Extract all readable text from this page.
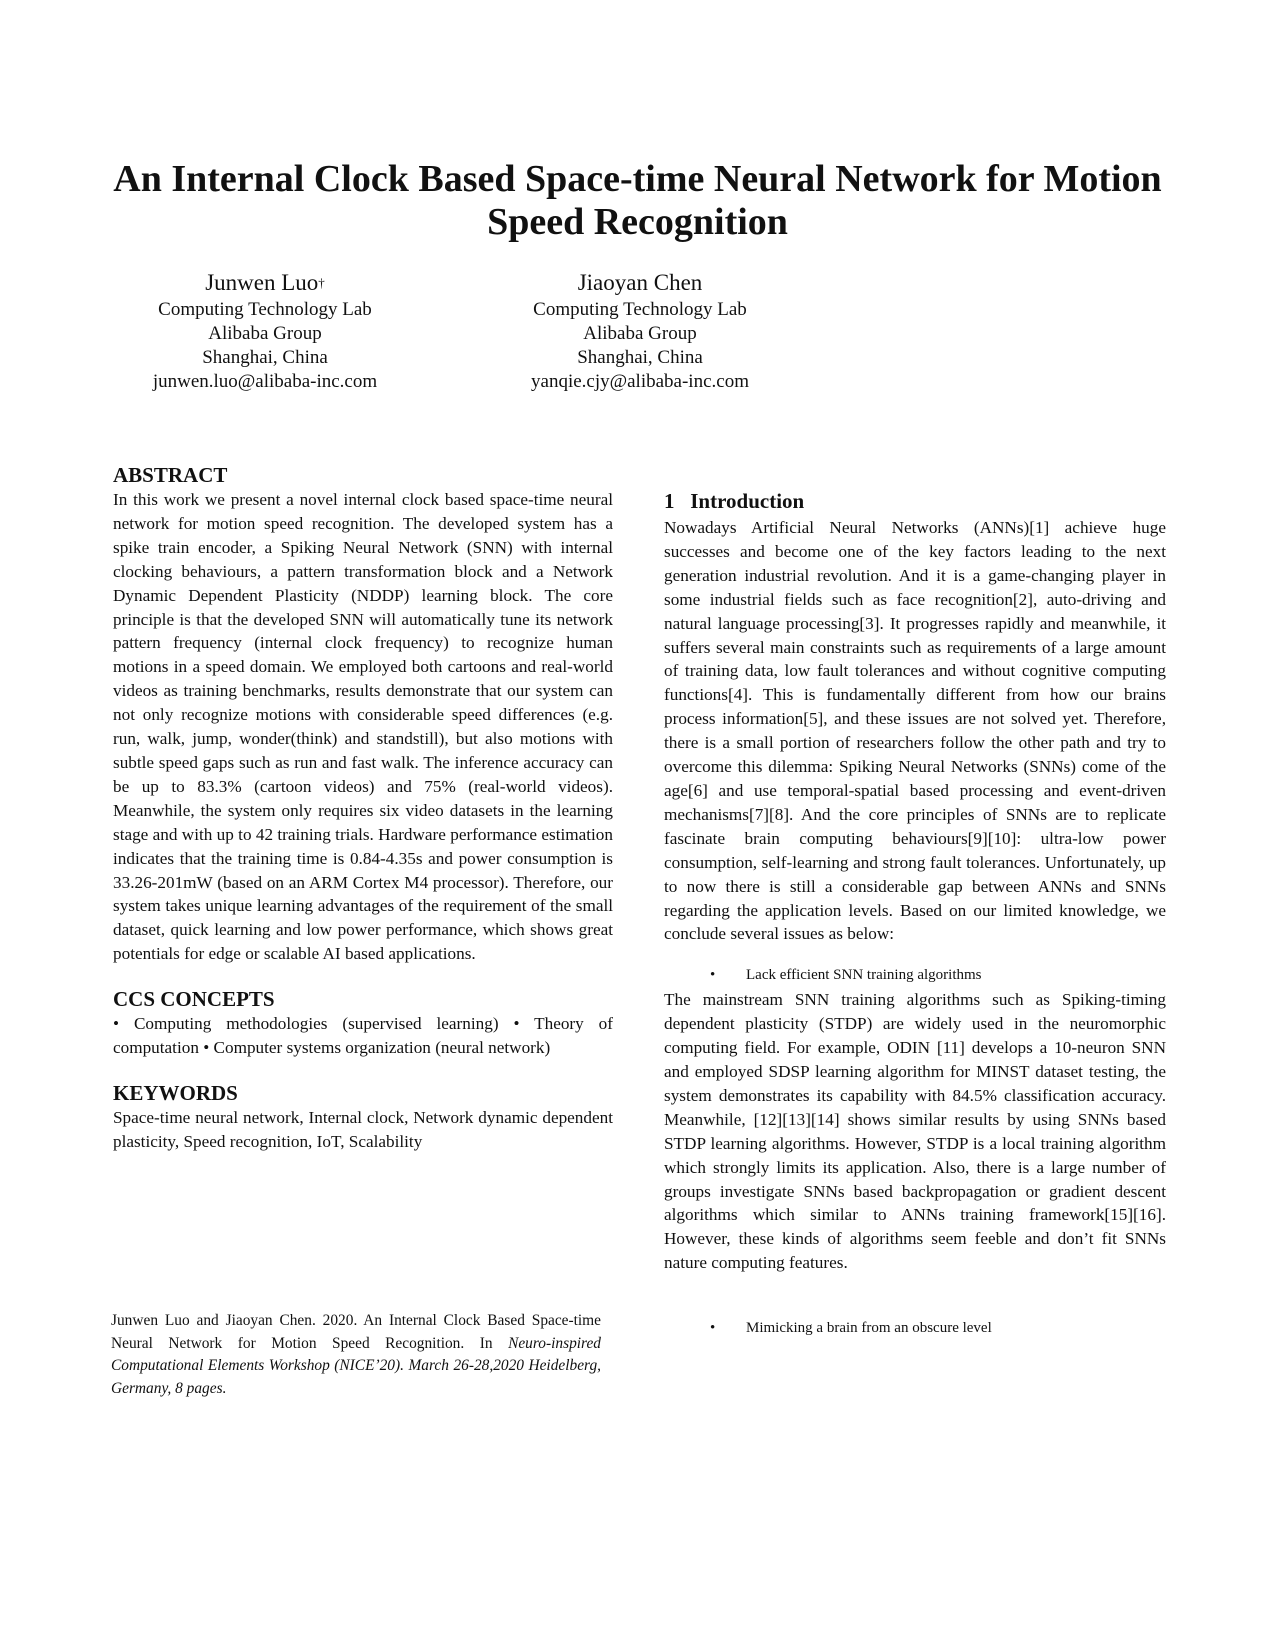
An Internal Clock Based Space-time Neural Network for Motion Speed Recognition
Junwen Luo†
Computing Technology Lab
Alibaba Group
Shanghai, China
junwen.luo@alibaba-inc.com
Jiaoyan Chen
Computing Technology Lab
Alibaba Group
Shanghai, China
yanqie.cjy@alibaba-inc.com
ABSTRACT

In this work we present a novel internal clock based space-time neural network for motion speed recognition. The developed system has a spike train encoder, a Spiking Neural Network (SNN) with internal clocking behaviours, a pattern transformation block and a Network Dynamic Dependent Plasticity (NDDP) learning block. The core principle is that the developed SNN will automatically tune its network pattern frequency (internal clock frequency) to recognize human motions in a speed domain. We employed both cartoons and real-world videos as training benchmarks, results demonstrate that our system can not only recognize motions with considerable speed differences (e.g. run, walk, jump, wonder(think) and standstill), but also motions with subtle speed gaps such as run and fast walk. The inference accuracy can be up to 83.3% (cartoon videos) and 75% (real-world videos). Meanwhile, the system only requires six video datasets in the learning stage and with up to 42 training trials. Hardware performance estimation indicates that the training time is 0.84-4.35s and power consumption is 33.26-201mW (based on an ARM Cortex M4 processor). Therefore, our system takes unique learning advantages of the requirement of the small dataset, quick learning and low power performance, which shows great potentials for edge or scalable AI based applications.

CCS CONCEPTS

• Computing methodologies (supervised learning) • Theory of computation • Computer systems organization (neural network)

KEYWORDS

Space-time neural network, Internal clock, Network dynamic dependent plasticity, Speed recognition, IoT, Scalability

Junwen Luo and Jiaoyan Chen. 2020. An Internal Clock Based Space-time Neural Network for Motion Speed Recognition. In Neuro-inspired Computational Elements Workshop (NICE’20). March 26-28,2020 Heidelberg, Germany, 8 pages.
1 Introduction

Nowadays Artificial Neural Networks (ANNs)[1] achieve huge successes and become one of the key factors leading to the next generation industrial revolution. And it is a game-changing player in some industrial fields such as face recognition[2], auto-driving and natural language processing[3]. It progresses rapidly and meanwhile, it suffers several main constraints such as requirements of a large amount of training data, low fault tolerances and without cognitive computing functions[4]. This is fundamentally different from how our brains process information[5], and these issues are not solved yet. Therefore, there is a small portion of researchers follow the other path and try to overcome this dilemma: Spiking Neural Networks (SNNs) come of the age[6] and use temporal-spatial based processing and event-driven mechanisms[7][8]. And the core principles of SNNs are to replicate fascinate brain computing behaviours[9][10]: ultra-low power consumption, self-learning and strong fault tolerances. Unfortunately, up to now there is still a considerable gap between ANNs and SNNs regarding the application levels. Based on our limited knowledge, we conclude several issues as below:

• Lack efficient SNN training algorithms

The mainstream SNN training algorithms such as Spiking-timing dependent plasticity (STDP) are widely used in the neuromorphic computing field. For example, ODIN [11] develops a 10-neuron SNN and employed SDSP learning algorithm for MINST dataset testing, the system demonstrates its capability with 84.5% classification accuracy. Meanwhile, [12][13][14] shows similar results by using SNNs based STDP learning algorithms. However, STDP is a local training algorithm which strongly limits its application. Also, there is a large number of groups investigate SNNs based backpropagation or gradient descent algorithms which similar to ANNs training framework[15][16]. However, these kinds of algorithms seem feeble and don’t fit SNNs nature computing features.

• Mimicking a brain from an obscure level
